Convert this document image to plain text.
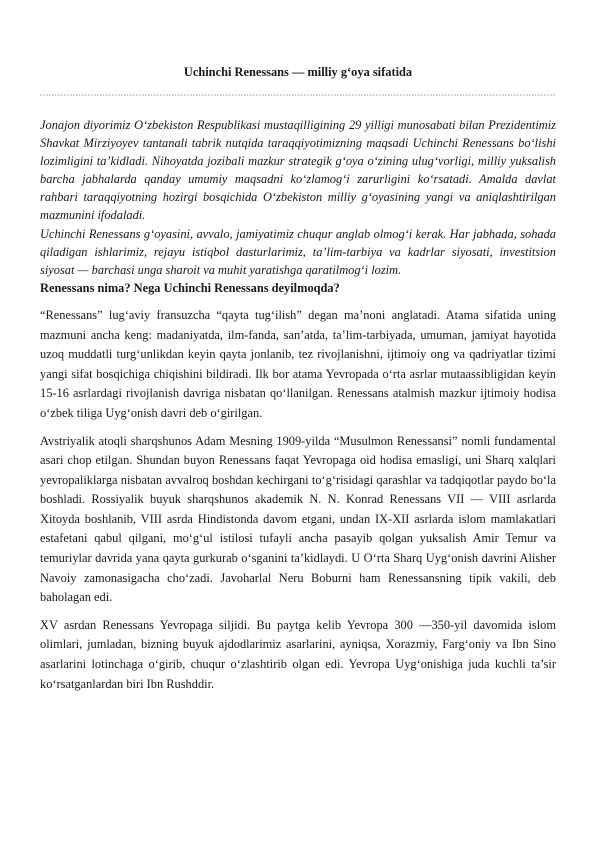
Uchinchi Renessans — milliy g‘oya sifatida

Jonajon diyorimiz O‘zbekiston Respublikasi mustaqilligining 29 yilligi munosabati bilan Prezidentimiz Shavkat Mirziyoyev tantanali tabrik nutqida taraqqiyotimizning maqsadi Uchinchi Renessans bo‘lishi lozimligini ta’kidladi. Nihoyatda jozibali mazkur strategik g‘oya o‘zining ulug‘vorligi, milliy yuksalish barcha jabhalarda qanday umumiy maqsadni ko‘zlamog‘i zarurligini ko‘rsatadi. Amalda davlat rahbari taraqqiyotning hozirgi bosqichida O‘zbekiston milliy g‘oyasining yangi va aniqlashtirilgan mazmunini ifodaladi.

Uchinchi Renessans g‘oyasini, avvalo, jamiyatimiz chuqur anglab olmog‘i kerak. Har jabhada, sohada qiladigan ishlarimiz, rejayu istiqbol dasturlarimiz, ta’lim-tarbiya va kadrlar siyosati, investitsion siyosat — barchasi unga sharoit va muhit yaratishga qaratilmog‘i lozim.

Renessans nima? Nega Uchinchi Renessans deyilmoqda?

“Renessans” lug‘aviy fransuzcha “qayta tug‘ilish” degan ma’noni anglatadi. Atama sifatida uning mazmuni ancha keng: madaniyatda, ilm-fanda, san’atda, ta’lim-tarbiyada, umuman, jamiyat hayotida uzoq muddatli turg‘unlikdan keyin qayta jonlanib, tez rivojlanishni, ijtimoiy ong va qadriyatlar tizimi yangi sifat bosqichiga chiqishini bildiradi. Ilk bor atama Yevropada o‘rta asrlar mutaassibligidan keyin 15-16 asrlardagi rivojlanish davriga nisbatan qo‘llanilgan. Renessans atalmish mazkur ijtimoiy hodisa o‘zbek tiliga Uyg‘onish davri deb o‘girilgan.

Avstriyalik atoqli sharqshunos Adam Mesning 1909-yilda “Musulmon Renessansi” nomli fundamental asari chop etilgan. Shundan buyon Renessans faqat Yevropaga oid hodisa emasligi, uni Sharq xalqlari yevropaliklarga nisbatan avvalroq boshdan kechirgani to‘g‘risidagi qarashlar va tadqiqotlar paydo bo‘la boshladi. Rossiyalik buyuk sharqshunos akademik N. N. Konrad Renessans VII — VIII asrlarda Xitoyda boshlanib, VIII asrda Hindistonda davom etgani, undan IX-XII asrlarda islom mamlakatlari estafetani qabul qilgani, mo‘g‘ul istilosi tufayli ancha pasayib qolgan yuksalish Amir Temur va temuriylar davrida yana qayta gurkurab o‘sganini ta’kidlaydi. U O‘rta Sharq Uyg‘onish davrini Alisher Navoiy zamonasigacha cho‘zadi. Javoharlal Neru Boburni ham Renessansning tipik vakili, deb baholagan edi.

XV asrdan Renessans Yevropaga siljidi. Bu paytga kelib Yevropa 300 —350-yil davomida islom olimlari, jumladan, bizning buyuk ajdodlarimiz asarlarini, ayniqsa, Xorazmiy, Farg‘oniy va Ibn Sino asarlarini lotinchaga o‘girib, chuqur o‘zlashtirib olgan edi. Yevropa Uyg‘onishiga juda kuchli ta’sir ko‘rsatganlardan biri Ibn Rushddir.
